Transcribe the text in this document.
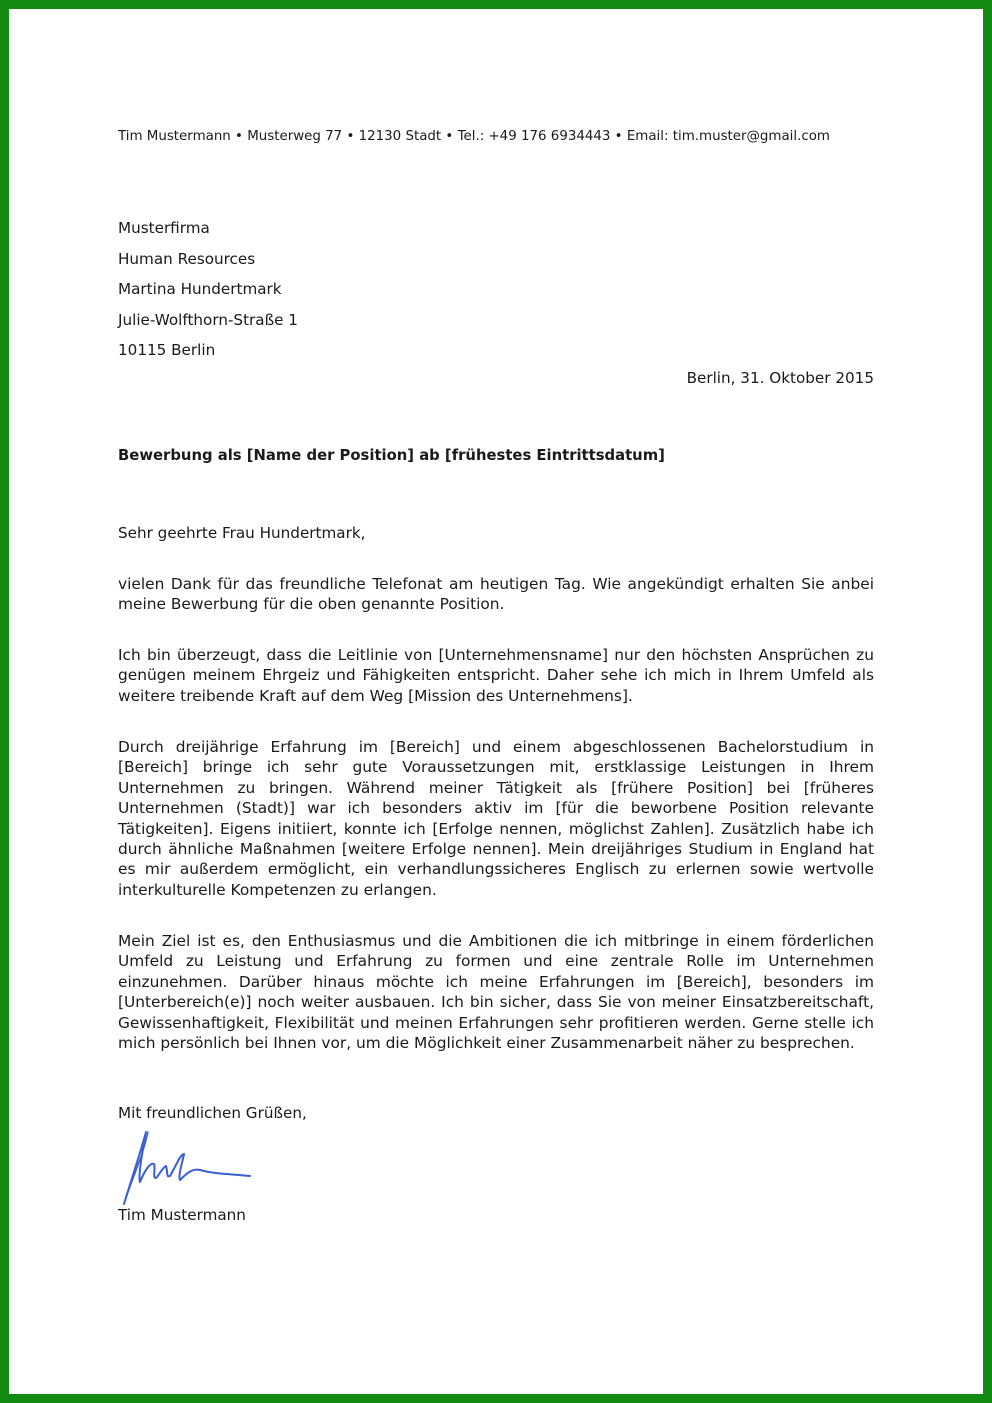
Tim Mustermann • Musterweg 77 • 12130 Stadt • Tel.: +49 176 6934443 • Email: tim.muster@gmail.com
Musterfirma
Human Resources
Martina Hundertmark
Julie-Wolfthorn-Straße 1
10115 Berlin
Berlin, 31. Oktober 2015
Bewerbung als [Name der Position] ab [frühestes Eintrittsdatum]
Sehr geehrte Frau Hundertmark,
vielen Dank für das freundliche Telefonat am heutigen Tag. Wie angekündigt erhalten Sie anbei meine Bewerbung für die oben genannte Position.
Ich bin überzeugt, dass die Leitlinie von [Unternehmensname] nur den höchsten Ansprüchen zu genügen meinem Ehrgeiz und Fähigkeiten entspricht. Daher sehe ich mich in Ihrem Umfeld als weitere treibende Kraft auf dem Weg [Mission des Unternehmens].
Durch dreijährige Erfahrung im [Bereich] und einem abgeschlossenen Bachelorstudium in [Bereich] bringe ich sehr gute Voraussetzungen mit, erstklassige Leistungen in Ihrem Unternehmen zu bringen. Während meiner Tätigkeit als [frühere Position] bei [früheres Unternehmen (Stadt)] war ich besonders aktiv im [für die beworbene Position relevante Tätigkeiten]. Eigens initiiert, konnte ich [Erfolge nennen, möglichst Zahlen]. Zusätzlich habe ich durch ähnliche Maßnahmen [weitere Erfolge nennen]. Mein dreijähriges Studium in England hat es mir außerdem ermöglicht, ein verhandlungssicheres Englisch zu erlernen sowie wertvolle interkulturelle Kompetenzen zu erlangen.
Mein Ziel ist es, den Enthusiasmus und die Ambitionen die ich mitbringe in einem förderlichen Umfeld zu Leistung und Erfahrung zu formen und eine zentrale Rolle im Unternehmen einzunehmen. Darüber hinaus möchte ich meine Erfahrungen im [Bereich], besonders im [Unterbereich(e)] noch weiter ausbauen. Ich bin sicher, dass Sie von meiner Einsatzbereitschaft, Gewissenhaftigkeit, Flexibilität und meinen Erfahrungen sehr profitieren werden. Gerne stelle ich mich persönlich bei Ihnen vor, um die Möglichkeit einer Zusammenarbeit näher zu besprechen.
Mit freundlichen Grüßen,
Tim Mustermann
